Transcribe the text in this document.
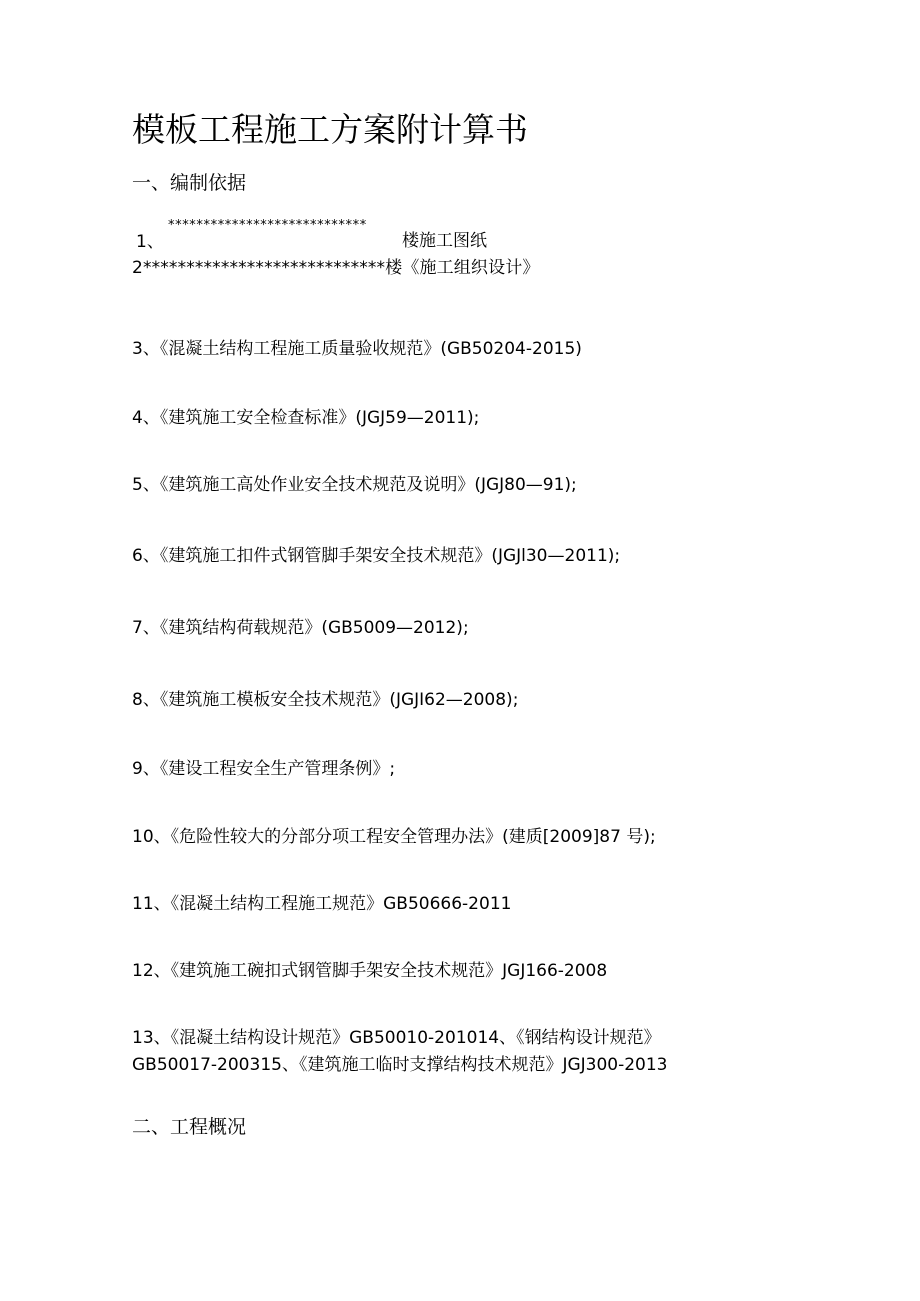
模板工程施工方案附计算书
一、编制依据
****************************
1、	楼施工图纸
2****************************楼《施工组织设计》
3、《混凝土结构工程施工质量验收规范》(GB50204-2015)
4、《建筑施工安全检查标准》(JGJ59—2011);
5、《建筑施工高处作业安全技术规范及说明》(JGJ80—91);
6、《建筑施工扣件式钢管脚手架安全技术规范》(JGJl30—2011);
7、《建筑结构荷载规范》(GB5009—2012);
8、《建筑施工模板安全技术规范》(JGJI62—2008);
9、《建设工程安全生产管理条例》;
10、《危险性较大的分部分项工程安全管理办法》(建质[2009]87 号);
11、《混凝土结构工程施工规范》GB50666-2011
12、《建筑施工碗扣式钢管脚手架安全技术规范》JGJ166-2008
13、《混凝土结构设计规范》GB50010-201014、《钢结构设计规范》
GB50017-200315、《建筑施工临时支撑结构技术规范》JGJ300-2013
二、工程概况
